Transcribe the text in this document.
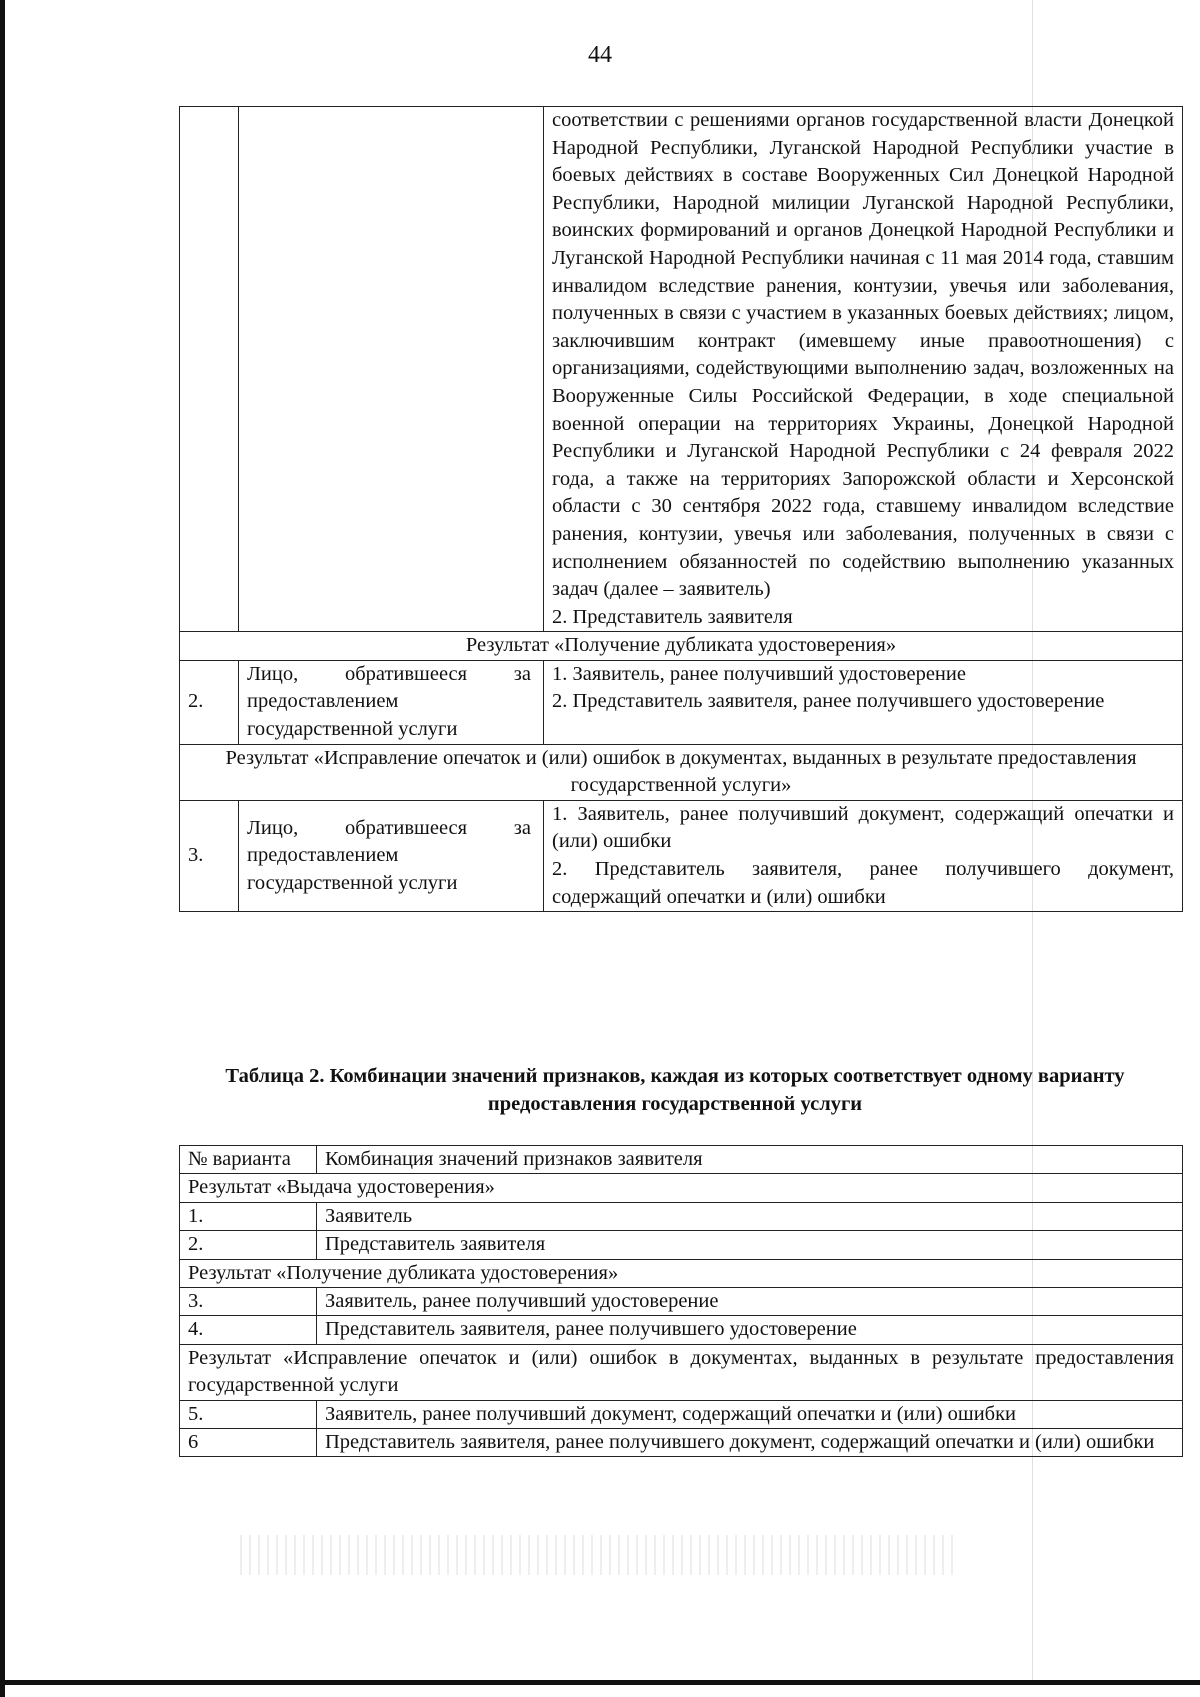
44

		соответствии с решениями органов государственной власти Донецкой Народной Республики, Луганской Народной Республики участие в боевых действиях в составе Вооруженных Сил Донецкой Народной Республики, Народной милиции Луганской Народной Республики, воинских формирований и органов Донецкой Народной Республики и Луганской Народной Республики начиная с 11 мая 2014 года, ставшим инвалидом вследствие ранения, контузии, увечья или заболевания, полученных в связи с участием в указанных боевых действиях; лицом, заключившим контракт (имевшему иные правоотношения) с организациями, содействующими выполнению задач, возложенных на Вооруженные Силы Российской Федерации, в ходе специальной военной операции на территориях Украины, Донецкой Народной Республики и Луганской Народной Республики с 24 февраля 2022 года, а также на территориях Запорожской области и Херсонской области с 30 сентября 2022 года, ставшему инвалидом вследствие ранения, контузии, увечья или заболевания, полученных в связи с исполнением обязанностей по содействию выполнению указанных задач (далее – заявитель)
2. Представитель заявителя

Результат «Получение дубликата удостоверения»		
2.	Лицо, обратившееся за предоставлением государственной услуги	1. Заявитель, ранее получивший удостоверение
2. Представитель заявителя, ранее получившего удостоверение

Результат «Исправление опечаток и (или) ошибок в документах, выданных в результате предоставления государственной услуги»		
3.	Лицо, обратившееся за предоставлением государственной услуги	1. Заявитель, ранее получивший документ, содержащий опечатки и (или) ошибки
2. Представитель заявителя, ранее получившего документ, содержащий опечатки и (или) ошибки
Таблица 2. Комбинации значений признаков, каждая из которых соответствует одному варианту предоставления государственной услуги
№ варианта	Комбинация значений признаков заявителя
Результат «Выдача удостоверения»	
1.	Заявитель
2.	Представитель заявителя
Результат «Получение дубликата удостоверения»	
3.	Заявитель, ранее получивший удостоверение
4.	Представитель заявителя, ранее получившего удостоверение
Результат «Исправление опечаток и (или) ошибок в документах, выданных в результате предоставления государственной услуги	
5.	Заявитель, ранее получивший документ, содержащий опечатки и (или) ошибки
6	Представитель заявителя, ранее получившего документ, содержащий опечатки и (или) ошибки
